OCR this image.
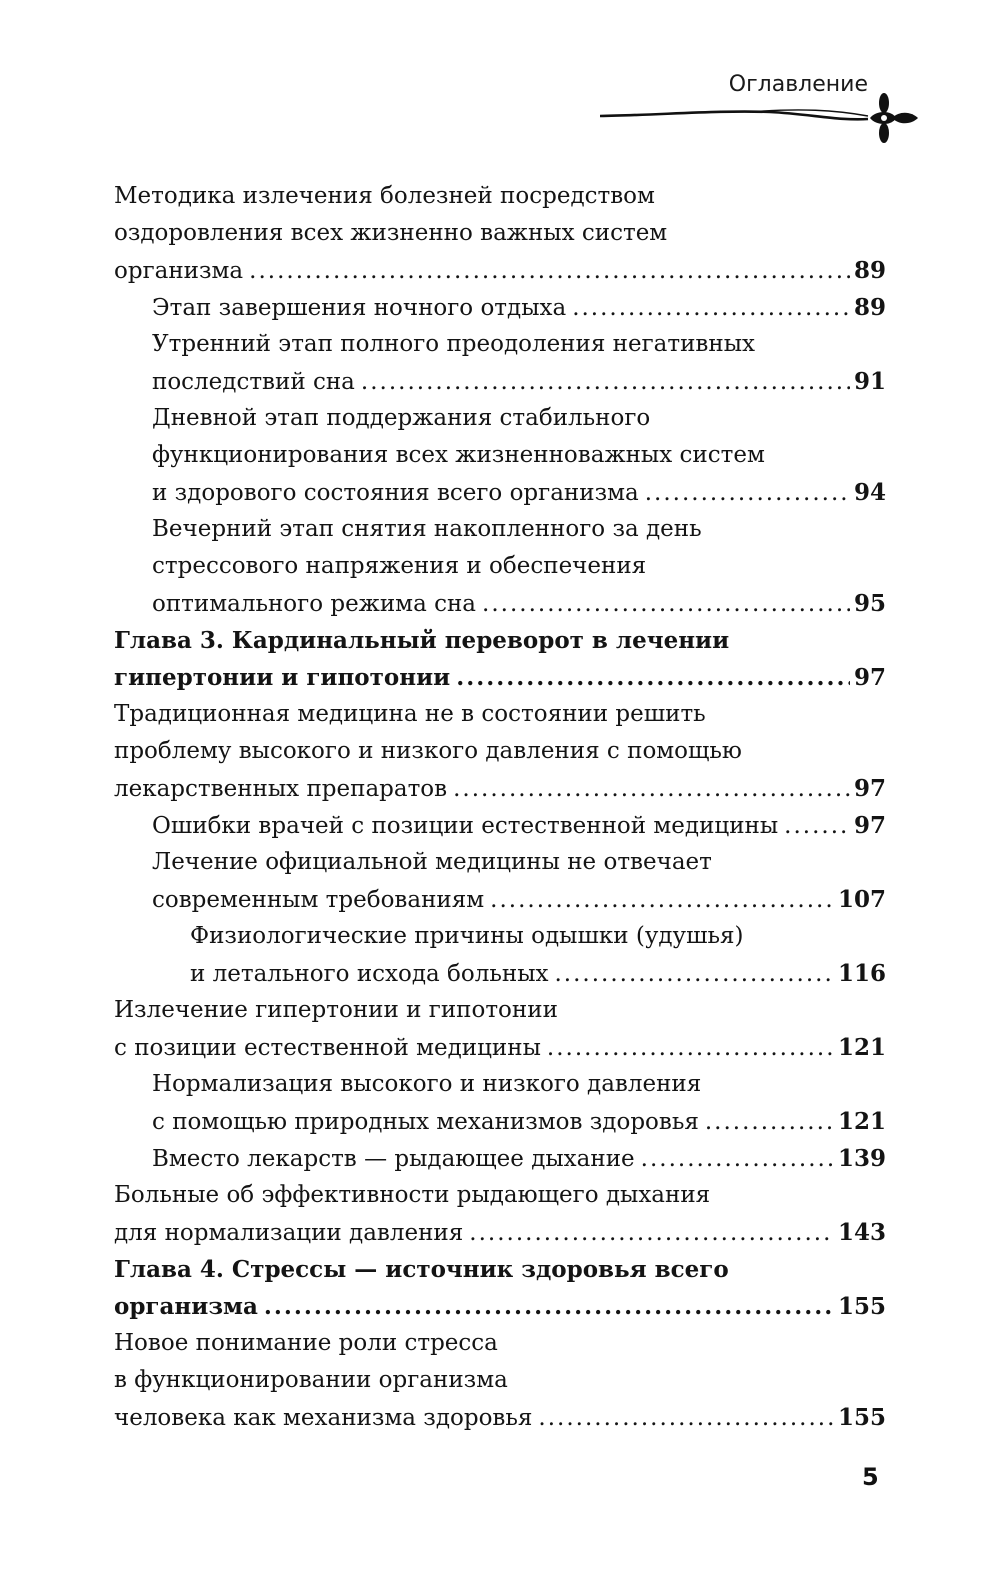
Оглавление
Методика излечения болезней посредством
оздоровления всех жизненно важных систем
организма .....	89
Этап завершения ночного отдыха .....	89
Утренний этап полного преодоления негативных
последствий сна .....	91
Дневной этап поддержания стабильного
функционирования всех жизненноважных систем
и здорового состояния всего организма .....	94
Вечерний этап снятия накопленного за день
стрессового напряжения и обеспечения
оптимального режима сна .....	95
Глава 3. Кардинальный переворот в лечении
гипертонии и гипотонии .....	97
Традиционная медицина не в состоянии решить
проблему высокого и низкого давления с помощью
лекарственных препаратов .....	97
Ошибки врачей с позиции естественной медицины .....	97
Лечение официальной медицины не отвечает
современным требованиям .....	107
Физиологические причины одышки (удушья)
и летального исхода больных .....	116
Излечение гипертонии и гипотонии
с позиции естественной медицины .....	121
Нормализация высокого и низкого давления
с помощью природных механизмов здоровья .....	121
Вместо лекарств — рыдающее дыхание .....	139
Больные об эффективности рыдающего дыхания
для нормализации давления .....	143
Глава 4. Стрессы — источник здоровья всего
организма .....	155
Новое понимание роли стресса
в функционировании организма
человека как механизма здоровья .....	155
5
